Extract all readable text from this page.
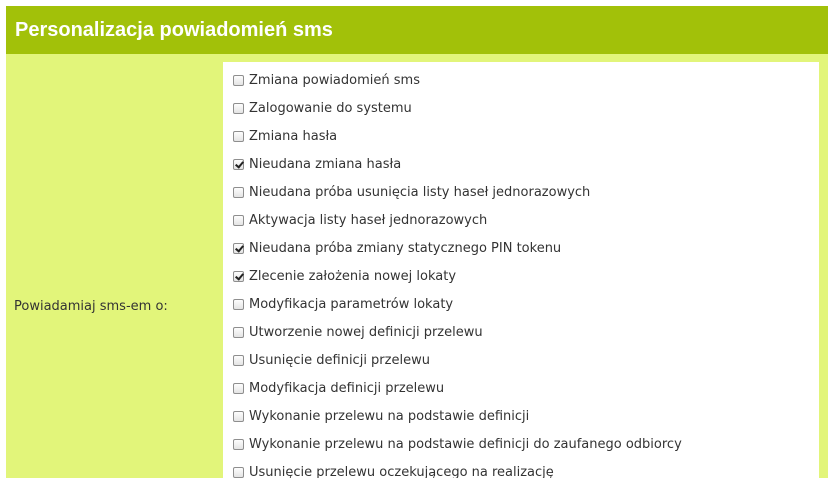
Personalizacja powiadomień sms
Powiadamiaj sms-em o:
Zmiana powiadomień sms
Zalogowanie do systemu
Zmiana hasła
Nieudana zmiana hasła
Nieudana próba usunięcia listy haseł jednorazowych
Aktywacja listy haseł jednorazowych
Nieudana próba zmiany statycznego PIN tokenu
Zlecenie założenia nowej lokaty
Modyfikacja parametrów lokaty
Utworzenie nowej definicji przelewu
Usunięcie definicji przelewu
Modyfikacja definicji przelewu
Wykonanie przelewu na podstawie definicji
Wykonanie przelewu na podstawie definicji do zaufanego odbiorcy
Usunięcie przelewu oczekującego na realizację
